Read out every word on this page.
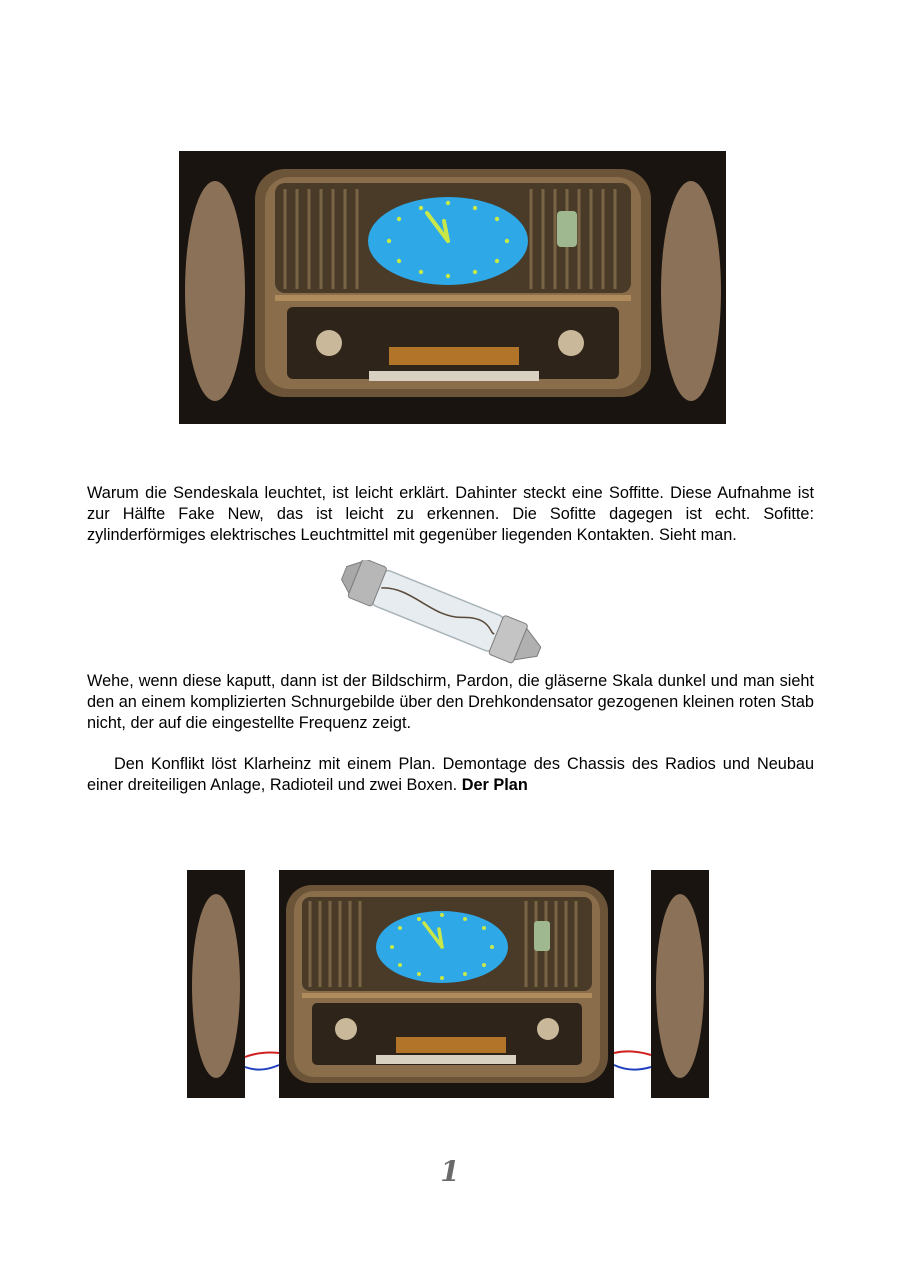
Warum die Sendeskala leuchtet, ist leicht erklärt. Dahinter steckt eine Soffitte. Diese Aufnahme ist zur Hälfte Fake New, das ist leicht zu erkennen. Die Sofitte dagegen ist echt. Sofitte: zylinderförmiges elektrisches Leuchtmittel mit gegenüber liegenden Kontakten. Sieht man.

Wehe, wenn diese kaputt, dann ist der Bildschirm, Pardon, die gläserne Skala dunkel und man sieht den an einem komplizierten Schnurgebilde über den Drehkondensator gezogenen kleinen roten Stab nicht, der auf die eingestellte Frequenz zeigt.

Den Konflikt löst Klarheinz mit einem Plan. Demontage des Chassis des Radios und Neubau einer dreiteiligen Anlage, Radioteil und zwei Boxen. Der Plan

1
